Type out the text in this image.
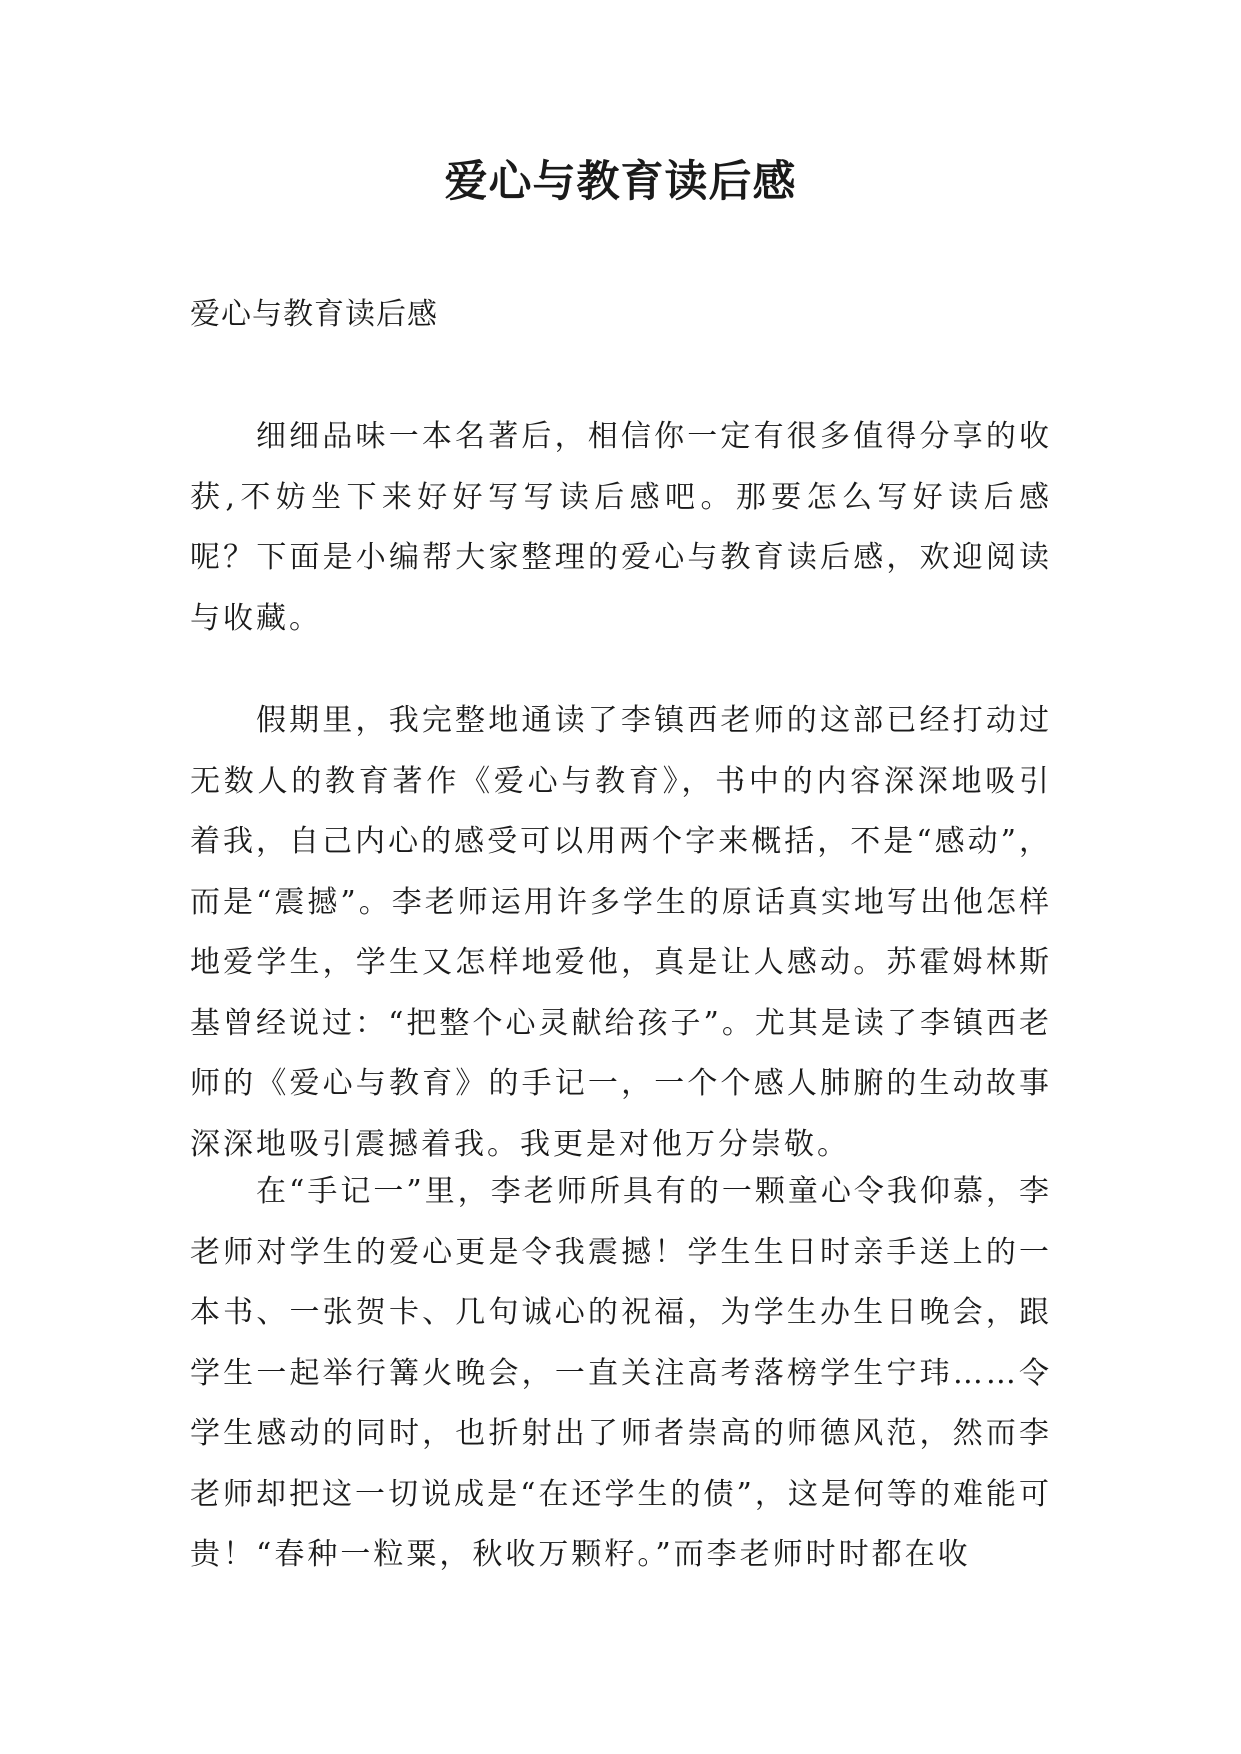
爱心与教育读后感

爱心与教育读后感

细细品味一本名著后，相信你一定有很多值得分享的收获,不妨坐下来好好写写读后感吧。那要怎么写好读后感呢？下面是小编帮大家整理的爱心与教育读后感，欢迎阅读与收藏。

假期里，我完整地通读了李镇西老师的这部已经打动过无数人的教育著作《爱心与教育》，书中的内容深深地吸引着我，自己内心的感受可以用两个字来概括，不是“感动”，而是“震撼”。李老师运用许多学生的原话真实地写出他怎样地爱学生，学生又怎样地爱他，真是让人感动。苏霍姆林斯基曾经说过：“把整个心灵献给孩子”。尤其是读了李镇西老师的《爱心与教育》的手记一，一个个感人肺腑的生动故事深深地吸引震撼着我。我更是对他万分崇敬。

在“手记一”里，李老师所具有的一颗童心令我仰慕，李老师对学生的爱心更是令我震撼！学生生日时亲手送上的一本书、一张贺卡、几句诚心的祝福，为学生办生日晚会，跟学生一起举行篝火晚会，一直关注高考落榜学生宁玮……令学生感动的同时，也折射出了师者崇高的师德风范，然而李老师却把这一切说成是“在还学生的债”，这是何等的难能可贵！“春种一粒粟，秋收万颗籽。”而李老师时时都在收
